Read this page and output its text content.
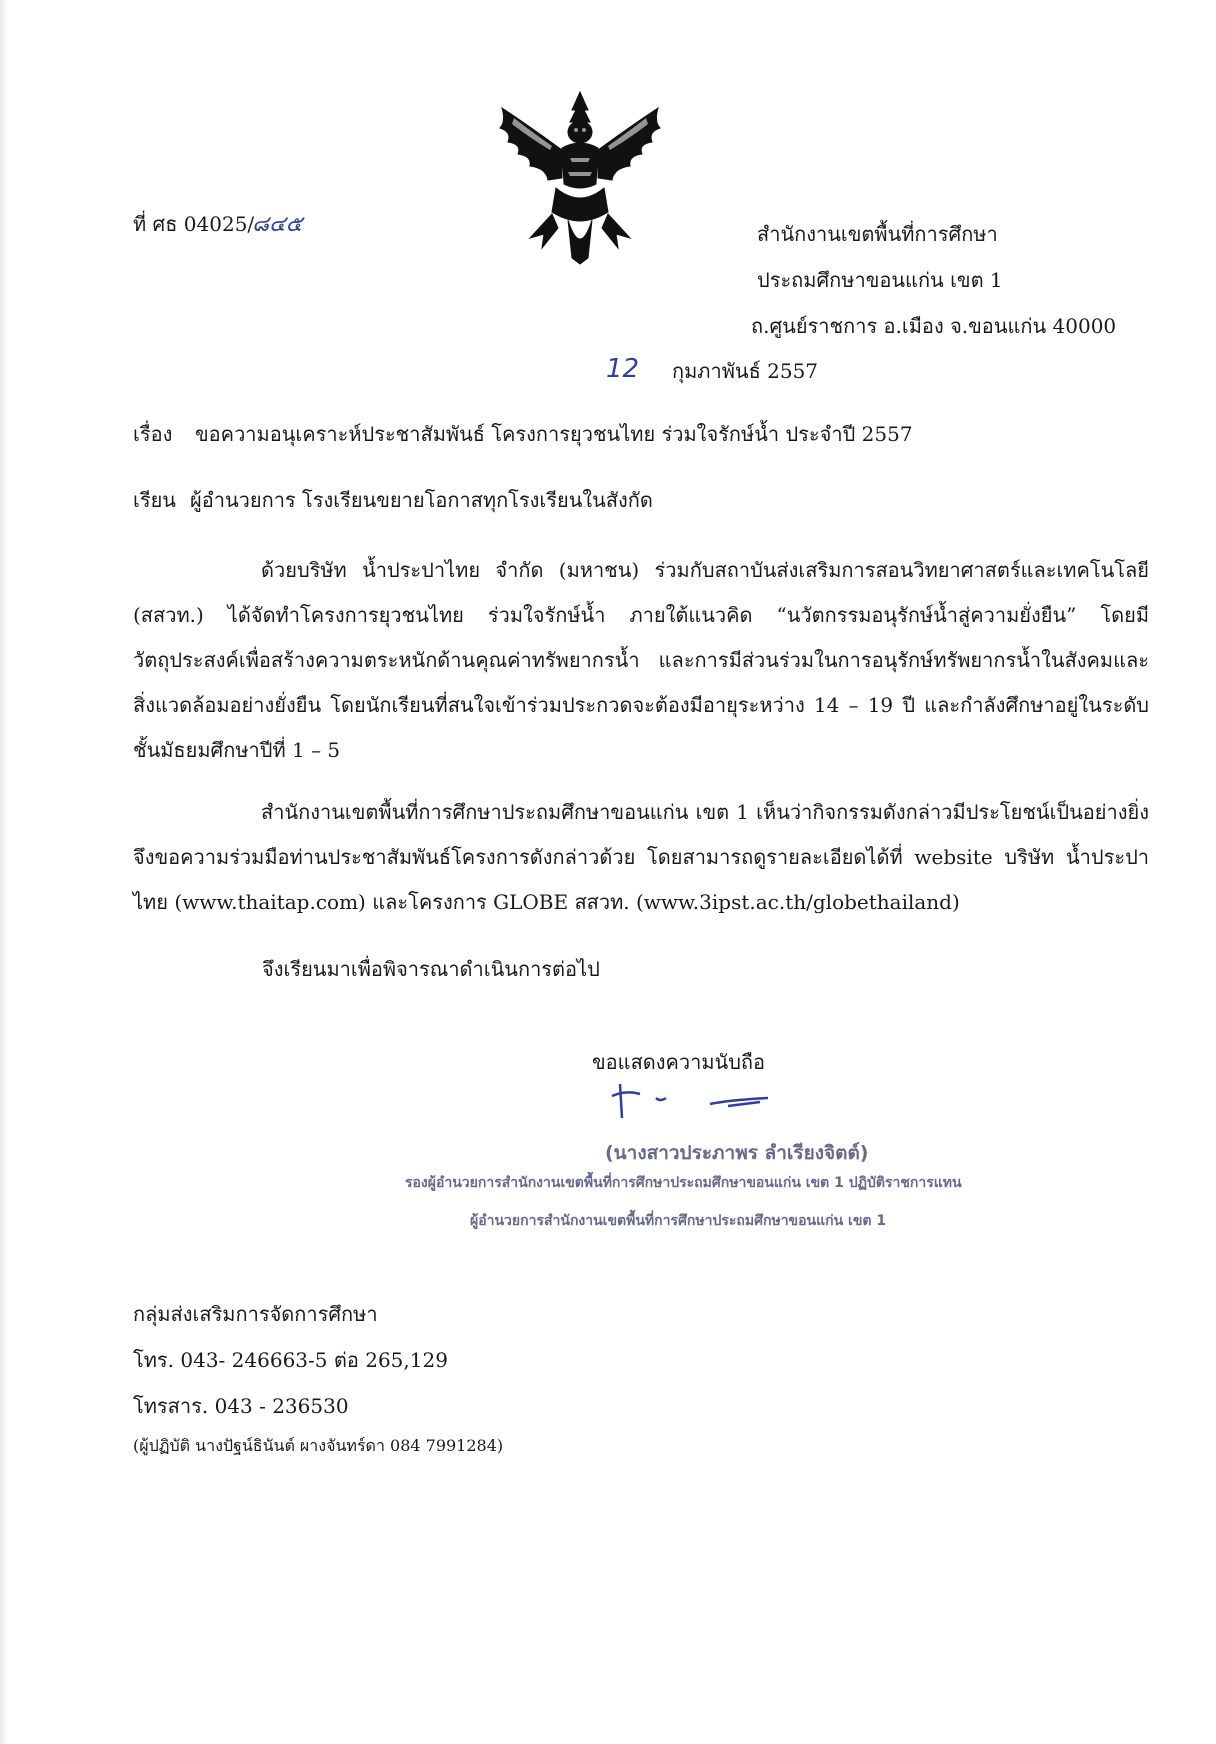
ที่ ศธ 04025/
๘๔๕	สำนักงานเขตพื้นที่การศึกษา
ประถมศึกษาขอนแก่น เขต 1
ถ.ศูนย์ราชการ อ.เมือง จ.ขอนแก่น 40000
12 กุมภาพันธ์ 2557
เรื่อง ขอความอนุเคราะห์ประชาสัมพันธ์ โครงการยุวชนไทย ร่วมใจรักษ์น้ำ ประจำปี 2557
เรียน ผู้อำนวยการ โรงเรียนขยายโอกาสทุกโรงเรียนในสังกัด
ด้วยบริษัท น้ำประปาไทย จำกัด (มหาชน) ร่วมกับสถาบันส่งเสริมการสอนวิทยาศาสตร์และเทคโนโลยี (สสวท.) ได้จัดทำโครงการยุวชนไทย ร่วมใจรักษ์น้ำ ภายใต้แนวคิด “นวัตกรรมอนุรักษ์น้ำสู่ความยั่งยืน” โดยมีวัตถุประสงค์เพื่อสร้างความตระหนักด้านคุณค่าทรัพยากรน้ำ และการมีส่วนร่วมในการอนุรักษ์ทรัพยากรน้ำในสังคมและสิ่งแวดล้อมอย่างยั่งยืน โดยนักเรียนที่สนใจเข้าร่วมประกวดจะต้องมีอายุระหว่าง 14 – 19 ปี และกำลังศึกษาอยู่ในระดับชั้นมัธยมศึกษาปีที่ 1 – 5
สำนักงานเขตพื้นที่การศึกษาประถมศึกษาขอนแก่น เขต 1 เห็นว่ากิจกรรมดังกล่าวมีประโยชน์เป็นอย่างยิ่ง จึงขอความร่วมมือท่านประชาสัมพันธ์โครงการดังกล่าวด้วย โดยสามารถดูรายละเอียดได้ที่ website บริษัท น้ำประปาไทย (www.thaitap.com) และโครงการ GLOBE สสวท. (www.3ipst.ac.th/globethailand)
จึงเรียนมาเพื่อพิจารณาดำเนินการต่อไป
ขอแสดงความนับถือ
(นางสาวประภาพร ลำเรียงจิตต์)
รองผู้อำนวยการสำนักงานเขตพื้นที่การศึกษาประถมศึกษาขอนแก่น เขต 1 ปฏิบัติราชการแทน
ผู้อำนวยการสำนักงานเขตพื้นที่การศึกษาประถมศึกษาขอนแก่น เขต 1
กลุ่มส่งเสริมการจัดการศึกษา
โทร. 043- 246663-5 ต่อ 265,129
โทรสาร. 043 - 236530
(ผู้ปฏิบัติ นางปัฐน์ธินันต์ ผางจันทร์ดา 084 7991284)
